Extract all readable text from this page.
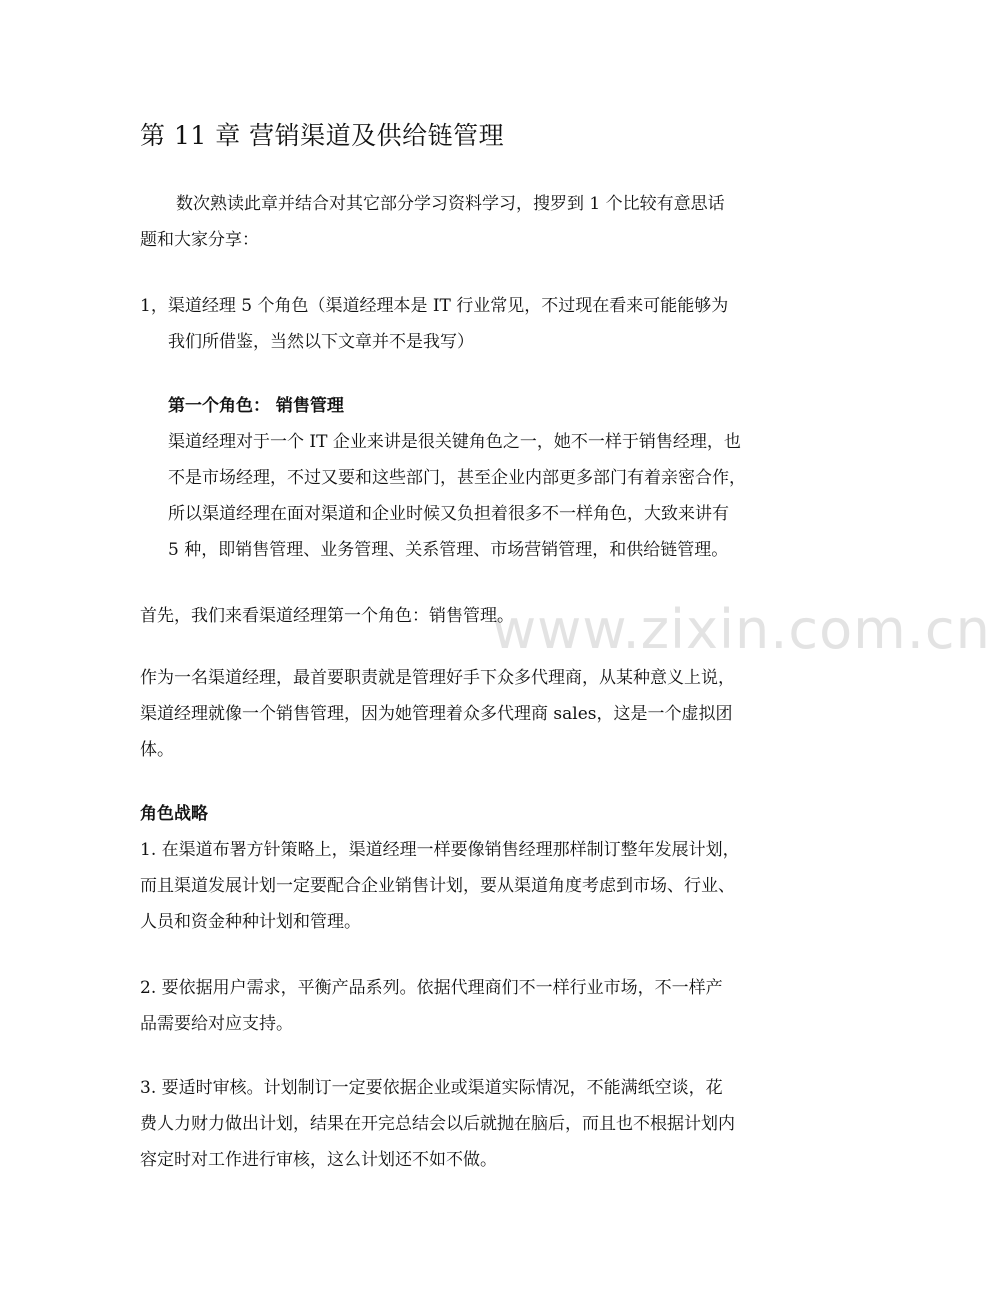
www.zixin.com.cn
第 11 章 营销渠道及供给链管理
数次熟读此章并结合对其它部分学习资料学习，搜罗到 1 个比较有意思话
题和大家分享：
1，渠道经理 5 个角色（渠道经理本是 IT 行业常见，不过现在看来可能能够为
我们所借鉴，当然以下文章并不是我写）
第一个角色： 销售管理
渠道经理对于一个 IT 企业来讲是很关键角色之一，她不一样于销售经理，也
不是市场经理，不过又要和这些部门，甚至企业内部更多部门有着亲密合作，
所以渠道经理在面对渠道和企业时候又负担着很多不一样角色，大致来讲有
5 种，即销售管理、业务管理、关系管理、市场营销管理，和供给链管理。
首先，我们来看渠道经理第一个角色：销售管理。
作为一名渠道经理，最首要职责就是管理好手下众多代理商，从某种意义上说，
渠道经理就像一个销售管理，因为她管理着众多代理商 sales，这是一个虚拟团
体。
角色战略
1. 在渠道布署方针策略上，渠道经理一样要像销售经理那样制订整年发展计划，
而且渠道发展计划一定要配合企业销售计划，要从渠道角度考虑到市场、行业、
人员和资金种种计划和管理。
2. 要依据用户需求，平衡产品系列。依据代理商们不一样行业市场，不一样产
品需要给对应支持。
3. 要适时审核。计划制订一定要依据企业或渠道实际情况，不能满纸空谈，花
费人力财力做出计划，结果在开完总结会以后就抛在脑后，而且也不根据计划内
容定时对工作进行审核，这么计划还不如不做。
